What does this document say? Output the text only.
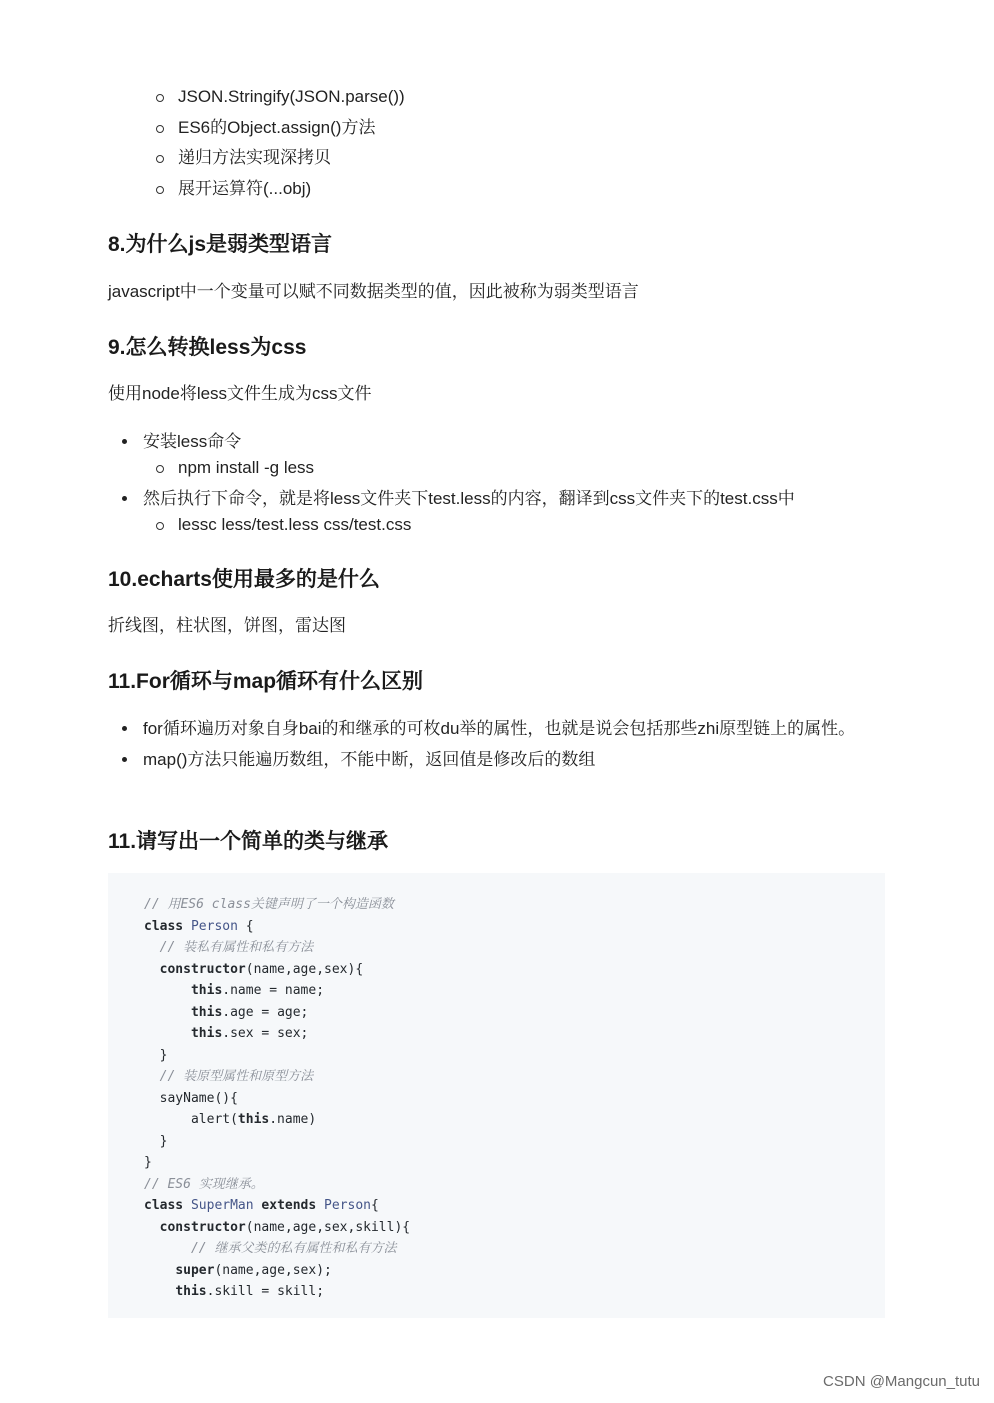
JSON.Stringify(JSON.parse())
ES6的Object.assign()方法
递归方法实现深拷贝
展开运算符(...obj)
8.为什么js是弱类型语言

javascript中一个变量可以赋不同数据类型的值，因此被称为弱类型语言

9.怎么转换less为css

使用node将less文件生成为css文件

安装less命令
npm install -g less
然后执行下命令，就是将less文件夹下test.less的内容，翻译到css文件夹下的test.css中
lessc less/test.less css/test.css
10.echarts使用最多的是什么

折线图，柱状图，饼图，雷达图

11.For循环与map循环有什么区别
for循环遍历对象自身bai的和继承的可枚du举的属性，也就是说会包括那些zhi原型链上的属性。
map()方法只能遍历数组，不能中断，返回值是修改后的数组
11.请写出一个简单的类与继承
// 用ES6 class关键声明了一个构造函数
class Person {
// 装私有属性和私有方法
constructor(name,age,sex){
this.name = name;
this.age = age;
this.sex = sex;
}
// 装原型属性和原型方法
sayName(){
alert(this.name)
}
}
// ES6 实现继承。
class SuperMan extends Person{
constructor(name,age,sex,skill){
// 继承父类的私有属性和私有方法
super(name,age,sex);
this.skill = skill;
CSDN @Mangcun_tutu
